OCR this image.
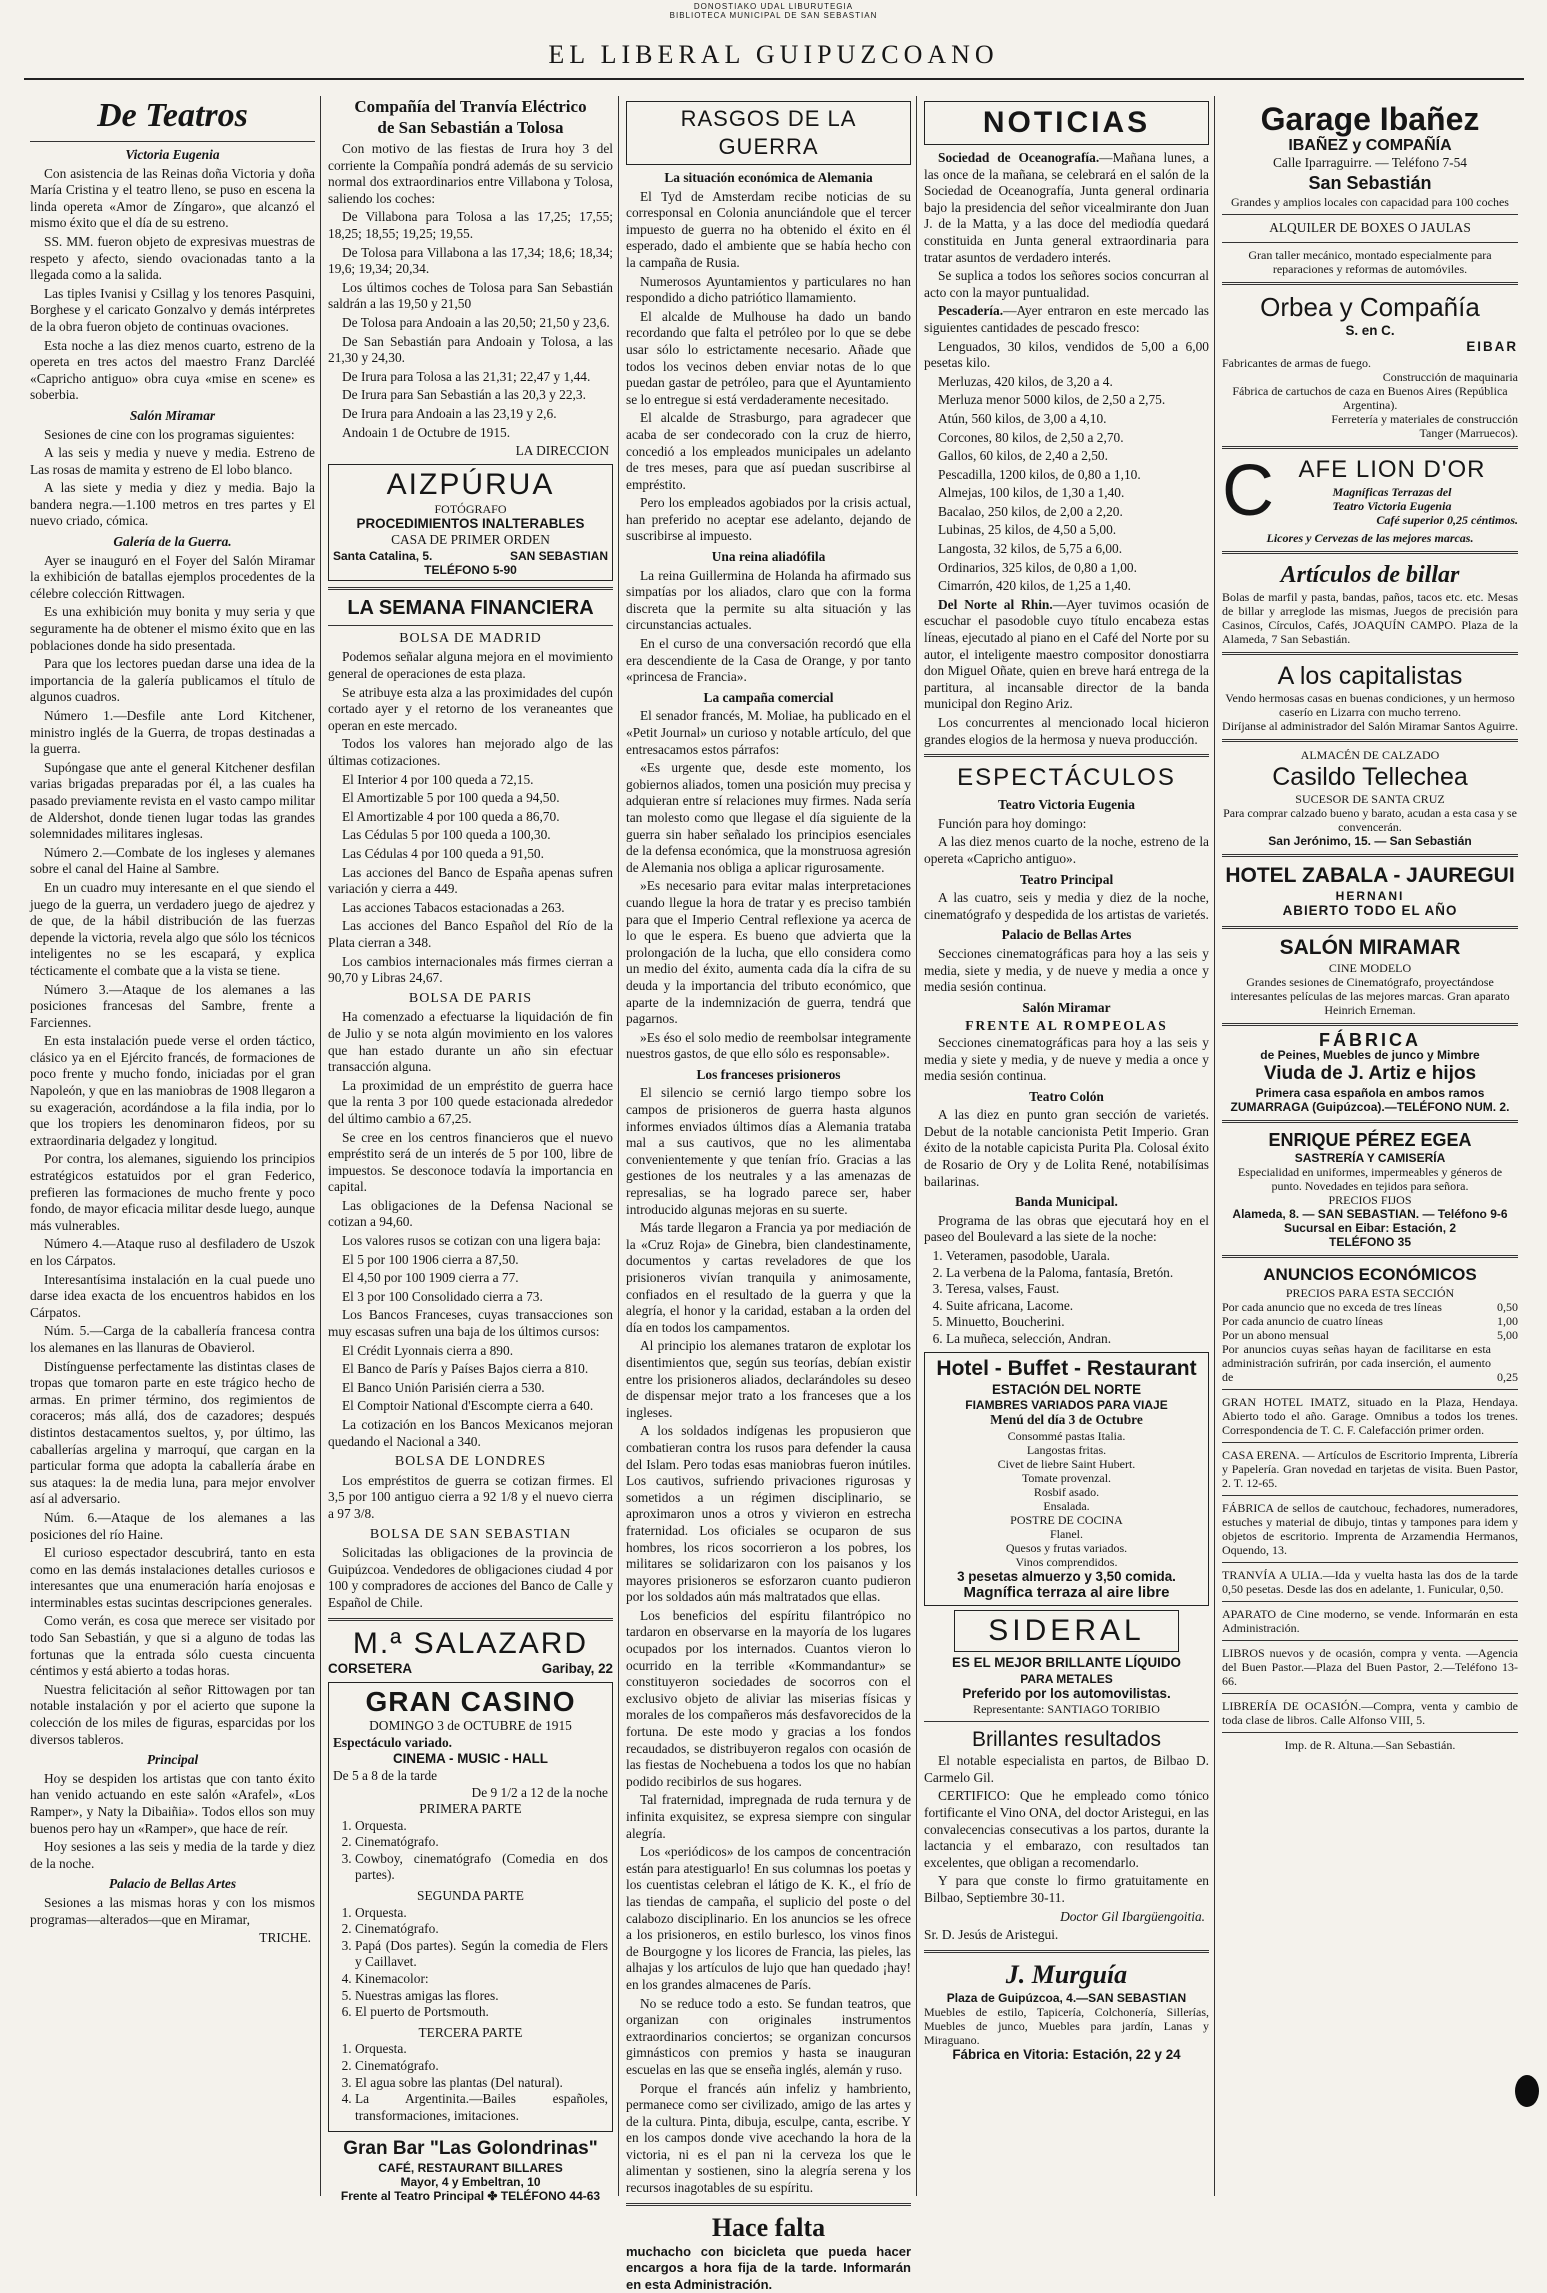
DONOSTIAKO UDAL LIBURUTEGIA
BIBLIOTECA MUNICIPAL DE SAN SEBASTIAN
EL LIBERAL GUIPUZCOANO
De Teatros
Victoria Eugenia

Con asistencia de las Reinas doña Victoria y doña María Cristina y el teatro lleno, se puso en escena la linda opereta «Amor de Zíngaro», que alcanzó el mismo éxito que el día de su estreno.

SS. MM. fueron objeto de expresivas muestras de respeto y afecto, siendo ovacionadas tanto a la llegada como a la salida.

Las tiples Ivanisi y Csillag y los tenores Pasquini, Borghese y el caricato Gonzalvo y demás intérpretes de la obra fueron objeto de continuas ovaciones.

Esta noche a las diez menos cuarto, estreno de la opereta en tres actos del maestro Franz Darcléé «Capricho antiguo» obra cuya «mise en scene» es soberbia.

Salón Miramar

Sesiones de cine con los programas siguientes:

A las seis y media y nueve y media. Estreno de Las rosas de mamita y estreno de El lobo blanco.

A las siete y media y diez y media. Bajo la bandera negra.—1.100 metros en tres partes y El nuevo criado, cómica.

Galería de la Guerra.

Ayer se inauguró en el Foyer del Salón Miramar la exhibición de batallas ejemplos procedentes de la célebre colección Rittwagen.

Es una exhibición muy bonita y muy seria y que seguramente ha de obtener el mismo éxito que en las poblaciones donde ha sido presentada.

Para que los lectores puedan darse una idea de la importancia de la galería publicamos el título de algunos cuadros.

Número 1.—Desfile ante Lord Kitchener, ministro inglés de la Guerra, de tropas destinadas a la guerra.

Supóngase que ante el general Kitchener desfilan varias brigadas preparadas por él, a las cuales ha pasado previamente revista en el vasto campo militar de Aldershot, donde tienen lugar todas las grandes solemnidades militares inglesas.

Número 2.—Combate de los ingleses y alemanes sobre el canal del Haine al Sambre.

En un cuadro muy interesante en el que siendo el juego de la guerra, un verdadero juego de ajedrez y de que, de la hábil distribución de las fuerzas depende la victoria, revela algo que sólo los técnicos inteligentes no se les escapará, y explica técticamente el combate que a la vista se tiene.

Número 3.—Ataque de los alemanes a las posiciones francesas del Sambre, frente a Farciennes.

En esta instalación puede verse el orden táctico, clásico ya en el Ejército francés, de formaciones de poco frente y mucho fondo, iniciadas por el gran Napoleón, y que en las maniobras de 1908 llegaron a su exageración, acordándose a la fila india, por lo que los tropiers les denominaron fideos, por su extraordinaria delgadez y longitud.

Por contra, los alemanes, siguiendo los principios estratégicos estatuidos por el gran Federico, prefieren las formaciones de mucho frente y poco fondo, de mayor eficacia militar desde luego, aunque más vulnerables.

Número 4.—Ataque ruso al desfiladero de Uszok en los Cárpatos.

Interesantísima instalación en la cual puede uno darse idea exacta de los encuentros habidos en los Cárpatos.

Núm. 5.—Carga de la caballería francesa contra los alemanes en las llanuras de Obavierol.

Distínguense perfectamente las distintas clases de tropas que tomaron parte en este trágico hecho de armas. En primer término, dos regimientos de coraceros; más allá, dos de cazadores; después distintos destacamentos sueltos, y, por último, las caballerías argelina y marroquí, que cargan en la particular forma que adopta la caballería árabe en sus ataques: la de media luna, para mejor envolver así al adversario.

Núm. 6.—Ataque de los alemanes a las posiciones del río Haine.

El curioso espectador descubrirá, tanto en esta como en las demás instalaciones detalles curiosos e interesantes que una enumeración haría enojosas e interminables estas sucintas descripciones generales.

Como verán, es cosa que merece ser visitado por todo San Sebastián, y que si a alguno de todas las fortunas que la entrada sólo cuesta cincuenta céntimos y está abierto a todas horas.

Nuestra felicitación al señor Rittowagen por tan notable instalación y por el acierto que supone la colección de los miles de figuras, esparcidas por los diversos tableros.

Principal

Hoy se despiden los artistas que con tanto éxito han venido actuando en este salón «Arafel», «Los Ramper», y Naty la Dibaiñia». Todos ellos son muy buenos pero hay un «Ramper», que hace de reír.

Hoy sesiones a las seis y media de la tarde y diez de la noche.

Palacio de Bellas Artes

Sesiones a las mismas horas y con los mismos programas—alterados—que en Miramar,

TRICHE.
Compañía del Tranvía Eléctrico
de San Sebastián a Tolosa

Con motivo de las fiestas de Irura hoy 3 del corriente la Compañía pondrá además de su servicio normal dos extraordinarios entre Villabona y Tolosa, saliendo los coches:

De Villabona para Tolosa a las 17,25; 17,55; 18,25; 18,55; 19,25; 19,55.

De Tolosa para Villabona a las 17,34; 18,6; 18,34; 19,6; 19,34; 20,34.

Los últimos coches de Tolosa para San Sebastián saldrán a las 19,50 y 21,50

De Tolosa para Andoain a las 20,50; 21,50 y 23,6.

De San Sebastián para Andoain y Tolosa, a las 21,30 y 24,30.

De Irura para Tolosa a las 21,31; 22,47 y 1,44.

De Irura para San Sebastián a las 20,3 y 22,3.

De Irura para Andoain a las 23,19 y 2,6.

Andoain 1 de Octubre de 1915.

LA DIRECCION
AIZPÚRUA
FOTÓGRAFO
PROCEDIMIENTOS INALTERABLES
CASA DE PRIMER ORDEN
Santa Catalina, 5.	SAN SEBASTIAN
TELÉFONO 5-90
LA SEMANA FINANCIERA
BOLSA DE MADRID

Podemos señalar alguna mejora en el movimiento general de operaciones de esta plaza.

Se atribuye esta alza a las proximidades del cupón cortado ayer y el retorno de los veraneantes que operan en este mercado.

Todos los valores han mejorado algo de las últimas cotizaciones.

El Interior 4 por 100 queda a 72,15.

El Amortizable 5 por 100 queda a 94,50.

El Amortizable 4 por 100 queda a 86,70.

Las Cédulas 5 por 100 queda a 100,30.

Las Cédulas 4 por 100 queda a 91,50.

Las acciones del Banco de España apenas sufren variación y cierra a 449.

Las acciones Tabacos estacionadas a 263.

Las acciones del Banco Español del Río de la Plata cierran a 348.

Los cambios internacionales más firmes cierran a 90,70 y Libras 24,67.

BOLSA DE PARIS

Ha comenzado a efectuarse la liquidación de fin de Julio y se nota algún movimiento en los valores que han estado durante un año sin efectuar transacción alguna.

La proximidad de un empréstito de guerra hace que la renta 3 por 100 quede estacionada alrededor del último cambio a 67,25.

Se cree en los centros financieros que el nuevo empréstito será de un interés de 5 por 100, libre de impuestos. Se desconoce todavía la importancia en capital.

Las obligaciones de la Defensa Nacional se cotizan a 94,60.

Los valores rusos se cotizan con una ligera baja:

El 5 por 100 1906 cierra a 87,50.

El 4,50 por 100 1909 cierra a 77.

El 3 por 100 Consolidado cierra a 73.

Los Bancos Franceses, cuyas transacciones son muy escasas sufren una baja de los últimos cursos:

El Crédit Lyonnais cierra a 890.

El Banco de París y Países Bajos cierra a 810.

El Banco Unión Parisién cierra a 530.

El Comptoir National d'Escompte cierra a 640.

La cotización en los Bancos Mexicanos mejoran quedando el Nacional a 340.

BOLSA DE LONDRES

Los empréstitos de guerra se cotizan firmes. El 3,5 por 100 antiguo cierra a 92 1/8 y el nuevo cierra a 97 3/8.

BOLSA DE SAN SEBASTIAN

Solicitadas las obligaciones de la provincia de Guipúzcoa. Vendedores de obligaciones ciudad 4 por 100 y compradores de acciones del Banco de Calle y Español de Chile.

M.ª SALAZARD
CORSETERA	Garibay, 22
GRAN CASINO
DOMINGO 3 de OCTUBRE de 1915
Espectáculo variado.
CINEMA - MUSIC - HALL
De 5 a 8 de la tarde
De 9 1/2 a 12 de la noche
PRIMERA PARTE
1. Orquesta.
2. Cinematógrafo.
3. Cowboy, cinematógrafo (Comedia en dos partes).
SEGUNDA PARTE
1. Orquesta.
2. Cinematógrafo.
3. Papá (Dos partes). Según la comedia de Flers y Caillavet.
4. Kinemacolor:
5. Nuestras amigas las flores.
6. El puerto de Portsmouth.
TERCERA PARTE
1. Orquesta.
2. Cinematógrafo.
3. El agua sobre las plantas (Del natural).
4. La Argentinita.—Bailes españoles, transformaciones, imitaciones.
Gran Bar "Las Golondrinas"
CAFÉ, RESTAURANT BILLARES
Mayor, 4 y Embeltran, 10
Frente al Teatro Principal ✤ TELÉFONO 44-63
RASGOS DE LA GUERRA
La situación económica de Alemania

El Tyd de Amsterdam recibe noticias de su corresponsal en Colonia anunciándole que el tercer impuesto de guerra no ha obtenido el éxito en él esperado, dado el ambiente que se había hecho con la campaña de Rusia.

Numerosos Ayuntamientos y particulares no han respondido a dicho patriótico llamamiento.

El alcalde de Mulhouse ha dado un bando recordando que falta el petróleo por lo que se debe usar sólo lo estrictamente necesario. Añade que todos los vecinos deben enviar notas de lo que puedan gastar de petróleo, para que el Ayuntamiento se lo entregue si está verdaderamente necesitado.

El alcalde de Strasburgo, para agradecer que acaba de ser condecorado con la cruz de hierro, concedió a los empleados municipales un adelanto de tres meses, para que así puedan suscribirse al empréstito.

Pero los empleados agobiados por la crisis actual, han preferido no aceptar ese adelanto, dejando de suscribirse al impuesto.

Una reina aliadófila

La reina Guillermina de Holanda ha afirmado sus simpatías por los aliados, claro que con la forma discreta que la permite su alta situación y las circunstancias actuales.

En el curso de una conversación recordó que ella era descendiente de la Casa de Orange, y por tanto «princesa de Francia».

La campaña comercial

El senador francés, M. Moliae, ha publicado en el «Petit Journal» un curioso y notable artículo, del que entresacamos estos párrafos:

«Es urgente que, desde este momento, los gobiernos aliados, tomen una posición muy precisa y adquieran entre sí relaciones muy firmes. Nada sería tan molesto como que llegase el día siguiente de la guerra sin haber señalado los principios esenciales de la defensa económica, que la monstruosa agresión de Alemania nos obliga a aplicar rigurosamente.

»Es necesario para evitar malas interpretaciones cuando llegue la hora de tratar y es preciso también para que el Imperio Central reflexione ya acerca de lo que le espera. Es bueno que advierta que la prolongación de la lucha, que ello considera como un medio del éxito, aumenta cada día la cifra de su deuda y la importancia del tributo económico, que aparte de la indemnización de guerra, tendrá que pagarnos.

»Es éso el solo medio de reembolsar integramente nuestros gastos, de que ello sólo es responsable».

Los franceses prisioneros

El silencio se cernió largo tiempo sobre los campos de prisioneros de guerra hasta algunos informes enviados últimos días a Alemania trataba mal a sus cautivos, que no les alimentaba convenientemente y que tenían frío. Gracias a las gestiones de los neutrales y a las amenazas de represalias, se ha logrado parece ser, haber introducido algunas mejoras en su suerte.

Más tarde llegaron a Francia ya por mediación de la «Cruz Roja» de Ginebra, bien clandestinamente, documentos y cartas reveladores de que los prisioneros vivían tranquila y animosamente, confiados en el resultado de la guerra y que la alegría, el honor y la caridad, estaban a la orden del día en todos los campamentos.

Al principio los alemanes trataron de explotar los disentimientos que, según sus teorías, debían existir entre los prisioneros aliados, declarándoles su deseo de dispensar mejor trato a los franceses que a los ingleses.

A los soldados indígenas les propusieron que combatieran contra los rusos para defender la causa del Islam. Pero todas esas maniobras fueron inútiles. Los cautivos, sufriendo privaciones rigurosas y sometidos a un régimen disciplinario, se aproximaron unos a otros y vivieron en estrecha fraternidad. Los oficiales se ocuparon de sus hombres, los ricos socorrieron a los pobres, los militares se solidarizaron con los paisanos y los mayores prisioneros se esforzaron cuanto pudieron por los soldados aún más maltratados que ellas.

Los beneficios del espíritu filantrópico no tardaron en observarse en la mayoría de los lugares ocupados por los internados. Cuantos vieron lo ocurrido en la terrible «Kommandantur» se constituyeron sociedades de socorros con el exclusivo objeto de aliviar las miserias físicas y morales de los compañeros más desfavorecidos de la fortuna. De este modo y gracias a los fondos recaudados, se distribuyeron regalos con ocasión de las fiestas de Nochebuena a todos los que no habían podido recibirlos de sus hogares.

Tal fraternidad, impregnada de ruda ternura y de infinita exquisitez, se expresa siempre con singular alegría.

Los «periódicos» de los campos de concentración están para atestiguarlo! En sus columnas los poetas y los cuentistas celebran el látigo de K. K., el frío de las tiendas de campaña, el suplicio del poste o del calabozo disciplinario. En los anuncios se les ofrece a los prisioneros, en estilo burlesco, los vinos finos de Bourgogne y los licores de Francia, las pieles, las alhajas y los artículos de lujo que han quedado ¡hay! en los grandes almacenes de París.

No se reduce todo a esto. Se fundan teatros, que organizan con originales instrumentos extraordinarios conciertos; se organizan concursos gimnásticos con premios y hasta se inauguran escuelas en las que se enseña inglés, alemán y ruso.

Porque el francés aún infeliz y hambriento, permanece como ser civilizado, amigo de las artes y de la cultura. Pinta, dibuja, esculpe, canta, escribe. Y en los campos donde vive acechando la hora de la victoria, ni es el pan ni la cerveza los que le alimentan y sostienen, sino la alegría serena y los recursos inagotables de su espíritu.

Hace falta
muchacho con bicicleta que pueda hacer encargos a hora fija de la tarde. Informarán en esta Administración.
NOTICIAS

Sociedad de Oceanografía.—Mañana lunes, a las once de la mañana, se celebrará en el salón de la Sociedad de Oceanografía, Junta general ordinaria bajo la presidencia del señor vicealmirante don Juan J. de la Matta, y a las doce del mediodía quedará constituida en Junta general extraordinaria para tratar asuntos de verdadero interés.

Se suplica a todos los señores socios concurran al acto con la mayor puntualidad.

Pescadería.—Ayer entraron en este mercado las siguientes cantidades de pescado fresco:

Lenguados, 30 kilos, vendidos de 5,00 a 6,00 pesetas kilo.

Merluzas, 420 kilos, de 3,20 a 4.

Merluza menor 5000 kilos, de 2,50 a 2,75.

Atún, 560 kilos, de 3,00 a 4,10.

Corcones, 80 kilos, de 2,50 a 2,70.

Gallos, 60 kilos, de 2,40 a 2,50.

Pescadilla, 1200 kilos, de 0,80 a 1,10.

Almejas, 100 kilos, de 1,30 a 1,40.

Bacalao, 250 kilos, de 2,00 a 2,20.

Lubinas, 25 kilos, de 4,50 a 5,00.

Langosta, 32 kilos, de 5,75 a 6,00.

Ordinarios, 325 kilos, de 0,80 a 1,00.

Cimarrón, 420 kilos, de 1,25 a 1,40.

Del Norte al Rhin.—Ayer tuvimos ocasión de escuchar el pasodoble cuyo título encabeza estas líneas, ejecutado al piano en el Café del Norte por su autor, el inteligente maestro compositor donostiarra don Miguel Oñate, quien en breve hará entrega de la partitura, al incansable director de la banda municipal don Regino Ariz.

Los concurrentes al mencionado local hicieron grandes elogios de la hermosa y nueva producción.

ESPECTÁCULOS
Teatro Victoria Eugenia

Función para hoy domingo:

A las diez menos cuarto de la noche, estreno de la opereta «Capricho antiguo».

Teatro Principal

A las cuatro, seis y media y diez de la noche, cinematógrafo y despedida de los artistas de varietés.

Palacio de Bellas Artes

Secciones cinematográficas para hoy a las seis y media, siete y media, y de nueve y media a once y media sesión continua.

Salón Miramar
FRENTE AL ROMPEOLAS

Secciones cinematográficas para hoy a las seis y media y siete y media, y de nueve y media a once y media sesión continua.

Teatro Colón

A las diez en punto gran sección de varietés. Debut de la notable cancionista Petit Imperio. Gran éxito de la notable capicista Purita Pla. Colosal éxito de Rosario de Ory y de Lolita René, notabilísimas bailarinas.

Banda Municipal.

Programa de las obras que ejecutará hoy en el paseo del Boulevard a las siete de la noche:

1. Veteramen, pasodoble, Uarala.
2. La verbena de la Paloma, fantasía, Bretón.
3. Teresa, valses, Faust.
4. Suite africana, Lacome.
5. Minuetto, Boucherini.
6. La muñeca, selección, Andran.
Hotel - Buffet - Restaurant
ESTACIÓN DEL NORTE
FIAMBRES VARIADOS PARA VIAJE
Menú del día 3 de Octubre
Consommé pastas Italia.
Langostas fritas.
Civet de liebre Saint Hubert.
Tomate provenzal.
Rosbif asado.
Ensalada.
POSTRE DE COCINA
Flanel.
Quesos y frutas variados.
Vinos comprendidos.
3 pesetas almuerzo y 3,50 comida.
Magnífica terraza al aire libre
SIDERAL
ES EL MEJOR BRILLANTE LÍQUIDO
PARA METALES
Preferido por los automovilistas.
Representante: SANTIAGO TORIBIO
Brillantes resultados

El notable especialista en partos, de Bilbao D. Carmelo Gil.

CERTIFICO: Que he empleado como tónico fortificante el Vino ONA, del doctor Aristegui, en las convalecencias consecutivas a los partos, durante la lactancia y el embarazo, con resultados tan excelentes, que obligan a recomendarlo.

Y para que conste lo firmo gratuitamente en Bilbao, Septiembre 30-11.

Doctor Gil Ibargüengoitia.
Sr. D. Jesús de Aristegui.
J. Murguía
Plaza de Guipúzcoa, 4.—SAN SEBASTIAN
Muebles de estilo, Tapicería, Colchonería, Sillerías, Muebles de junco, Muebles para jardín, Lanas y Miraguano.
Fábrica en Vitoria: Estación, 22 y 24
Garage Ibañez
IBAÑEZ y COMPAÑÍA
Calle Iparraguirre. — Teléfono 7-54
San Sebastián
Grandes y amplios locales con capacidad para 100 coches
ALQUILER DE BOXES O JAULAS
Gran taller mecánico, montado especialmente para reparaciones y reformas de automóviles.
Orbea y Compañía
S. en C.
EIBAR
Fabricantes de armas de fuego.
Construcción de maquinaria
Fábrica de cartuchos de caza en Buenos Aires (República Argentina).
Ferretería y materiales de construcción
Tanger (Marruecos).
C	AFE LION D'OR
Magníficas Terrazas del
Teatro Victoria Eugenia
Café superior 0,25 céntimos.
Licores y Cervezas de las mejores marcas.
Artículos de billar
Bolas de marfil y pasta, bandas, paños, tacos etc. etc. Mesas de billar y arreglode las mismas, Juegos de precisión para Casinos, Círculos, Cafés, JOAQUÍN CAMPO. Plaza de la Alameda, 7 San Sebastián.
A los capitalistas
Vendo hermosas casas en buenas condiciones, y un hermoso caserío en Lizarra con mucho terreno.
Diríjanse al administrador del Salón Miramar Santos Aguirre.
ALMACÉN DE CALZADO
Casildo Tellechea
SUCESOR DE SANTA CRUZ
Para comprar calzado bueno y barato, acudan a esta casa y se convencerán.
San Jerónimo, 15. — San Sebastián
HOTEL ZABALA - JAUREGUI
HERNANI
ABIERTO TODO EL AÑO
SALÓN MIRAMAR
CINE MODELO
Grandes sesiones de Cinematógrafo, proyectándose interesantes películas de las mejores marcas. Gran aparato Heinrich Erneman.
FÁBRICA
de Peines, Muebles de junco y Mimbre
Viuda de J. Artiz e hijos
Primera casa española en ambos ramos
ZUMARRAGA (Guipúzcoa).—TELÉFONO NUM. 2.
ENRIQUE PÉREZ EGEA
SASTRERÍA Y CAMISERÍA
Especialidad en uniformes, impermeables y géneros de punto. Novedades en tejidos para señora.
PRECIOS FIJOS
Alameda, 8. — SAN SEBASTIAN. — Teléfono 9-6
Sucursal en Eibar: Estación, 2
TELÉFONO 35
ANUNCIOS ECONÓMICOS
PRECIOS PARA ESTA SECCIÓN
Por cada anuncio que no exceda de tres líneas	0,50
Por cada anuncio de cuatro líneas	1,00
Por un abono mensual	5,00
Por anuncios cuyas señas hayan de facilitarse en esta administración sufrirán, por cada inserción, el aumento de	0,25
GRAN HOTEL IMATZ, situado en la Plaza, Hendaya. Abierto todo el año. Garage. Omnibus a todos los trenes. Correspondencia de T. C. F. Calefacción primer orden.
CASA ERENA. — Artículos de Escritorio Imprenta, Librería y Papelería. Gran novedad en tarjetas de visita. Buen Pastor, 2. T. 12-65.
FÁBRICA de sellos de cautchouc, fechadores, numeradores, estuches y material de dibujo, tintas y tampones para idem y objetos de escritorio. Imprenta de Arzamendia Hermanos, Oquendo, 13.
TRANVÍA A ULIA.—Ida y vuelta hasta las dos de la tarde 0,50 pesetas. Desde las dos en adelante, 1. Funicular, 0,50.
APARATO de Cine moderno, se vende. Informarán en esta Administración.
LIBROS nuevos y de ocasión, compra y venta. —Agencia del Buen Pastor.—Plaza del Buen Pastor, 2.—Teléfono 13-66.
LIBRERÍA DE OCASIÓN.—Compra, venta y cambio de toda clase de libros. Calle Alfonso VIII, 5.
Imp. de R. Altuna.—San Sebastián.
